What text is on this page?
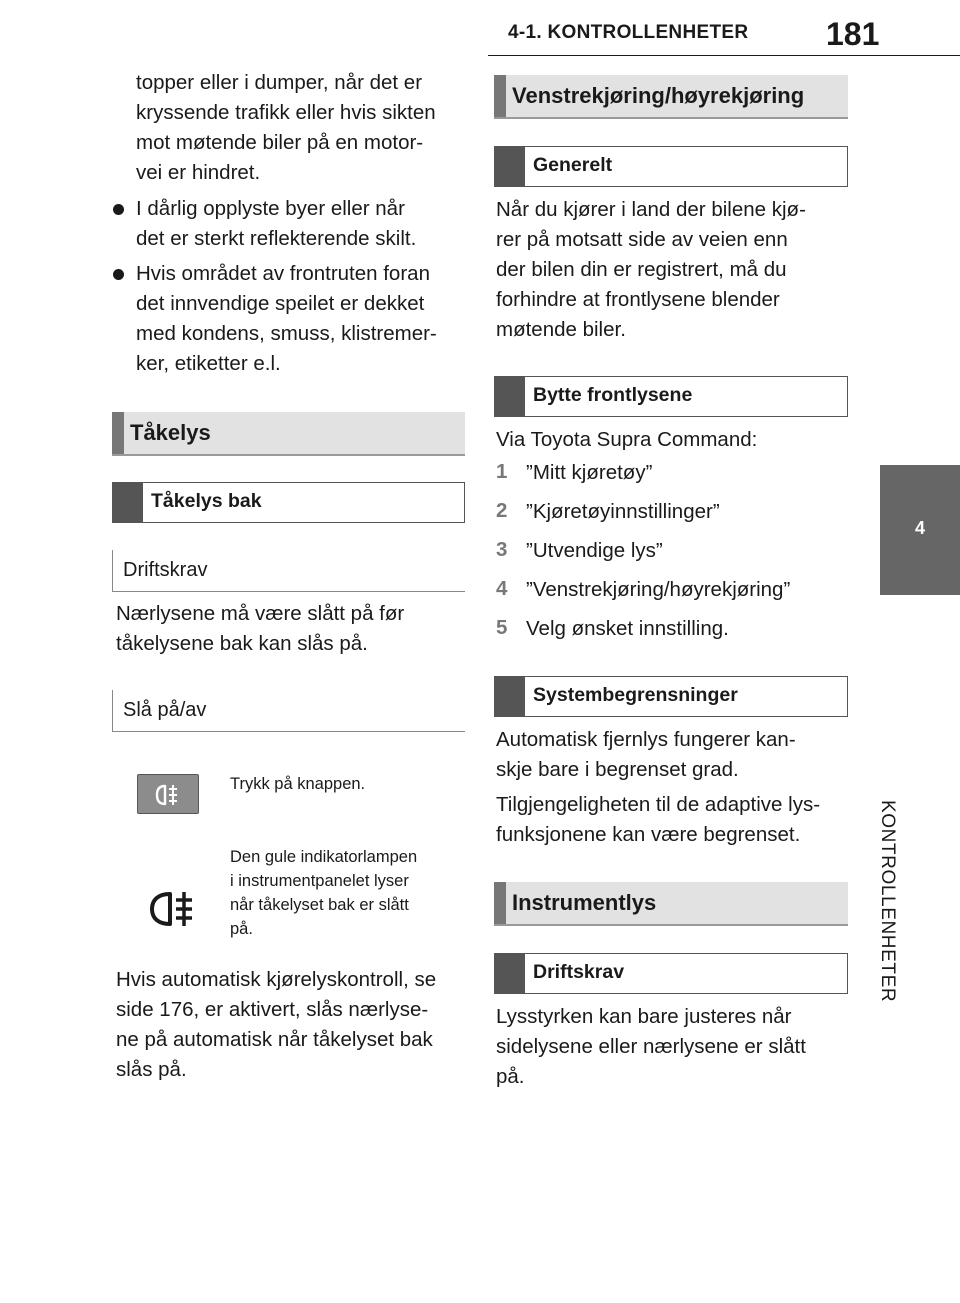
4-1. KONTROLLENHETER 181
4
KONTROLLENHETER
topper eller i dumper, når det er
kryssende trafikk eller hvis sikten
mot møtende biler på en motor-
vei er hindret.
I dårlig opplyste byer eller når
det er sterkt reflekterende skilt.
Hvis området av frontruten foran
det innvendige speilet er dekket
med kondens, smuss, klistremer-
ker, etiketter e.l.
Tåkelys
Tåkelys bak
Driftskrav
Nærlysene må være slått på før
tåkelysene bak kan slås på.
Slå på/av
Trykk på knappen.
Den gule indikatorlampen
i instrumentpanelet lyser
når tåkelyset bak er slått
på.
Hvis automatisk kjørelyskontroll, se
side 176, er aktivert, slås nærlyse-
ne på automatisk når tåkelyset bak
slås på.
Venstrekjøring/høyrekjøring
Generelt
Når du kjører i land der bilene kjø-
rer på motsatt side av veien enn
der bilen din er registrert, må du
forhindre at frontlysene blender
møtende biler.
Bytte frontlysene
Via Toyota Supra Command:
1 ”Mitt kjøretøy”
2 ”Kjøretøyinnstillinger”
3 ”Utvendige lys”
4 ”Venstrekjøring/høyrekjøring”
5 Velg ønsket innstilling.
Systembegrensninger
Automatisk fjernlys fungerer kan-
skje bare i begrenset grad.
Tilgjengeligheten til de adaptive lys-
funksjonene kan være begrenset.
Instrumentlys
Driftskrav
Lysstyrken kan bare justeres når
sidelysene eller nærlysene er slått
på.
